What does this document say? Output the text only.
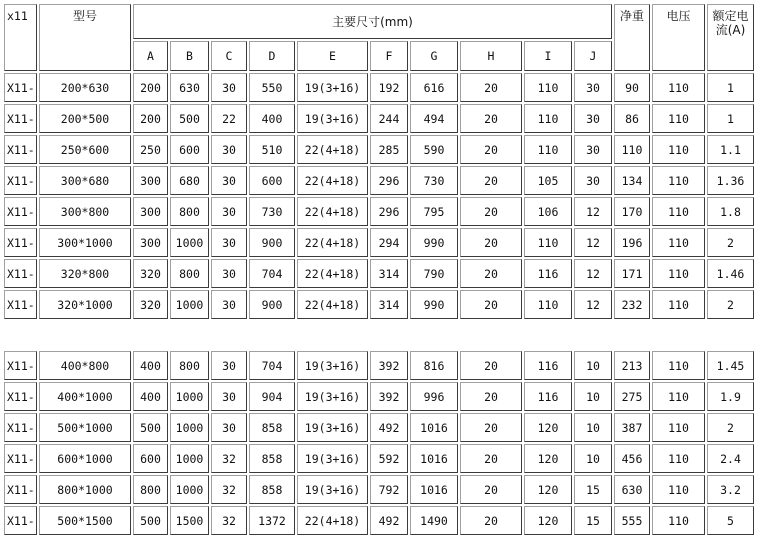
x11	型号	主要尺寸(mm)										净重	电压	额定电流(A)
		A	B	C	D	E	F	G	H	I	J			
X11-	200*630	200	630	30	550	19(3+16)	192	616	20	110	30	90	110	1
X11-	200*500	200	500	22	400	19(3+16)	244	494	20	110	30	86	110	1
X11-	250*600	250	600	30	510	22(4+18)	285	590	20	110	30	110	110	1.1
X11-	300*680	300	680	30	600	22(4+18)	296	730	20	105	30	134	110	1.36
X11-	300*800	300	800	30	730	22(4+18)	296	795	20	106	12	170	110	1.8
X11-	300*1000	300	1000	30	900	22(4+18)	294	990	20	110	12	196	110	2
X11-	320*800	320	800	30	704	22(4+18)	314	790	20	116	12	171	110	1.46
X11-	320*1000	320	1000	30	900	22(4+18)	314	990	20	110	12	232	110	2
X11-	400*800	400	800	30	704	19(3+16)	392	816	20	116	10	213	110	1.45
X11-	400*1000	400	1000	30	904	19(3+16)	392	996	20	116	10	275	110	1.9
X11-	500*1000	500	1000	30	858	19(3+16)	492	1016	20	120	10	387	110	2
X11-	600*1000	600	1000	32	858	19(3+16)	592	1016	20	120	10	456	110	2.4
X11-	800*1000	800	1000	32	858	19(3+16)	792	1016	20	120	15	630	110	3.2
X11-	500*1500	500	1500	32	1372	22(4+18)	492	1490	20	120	15	555	110	5
